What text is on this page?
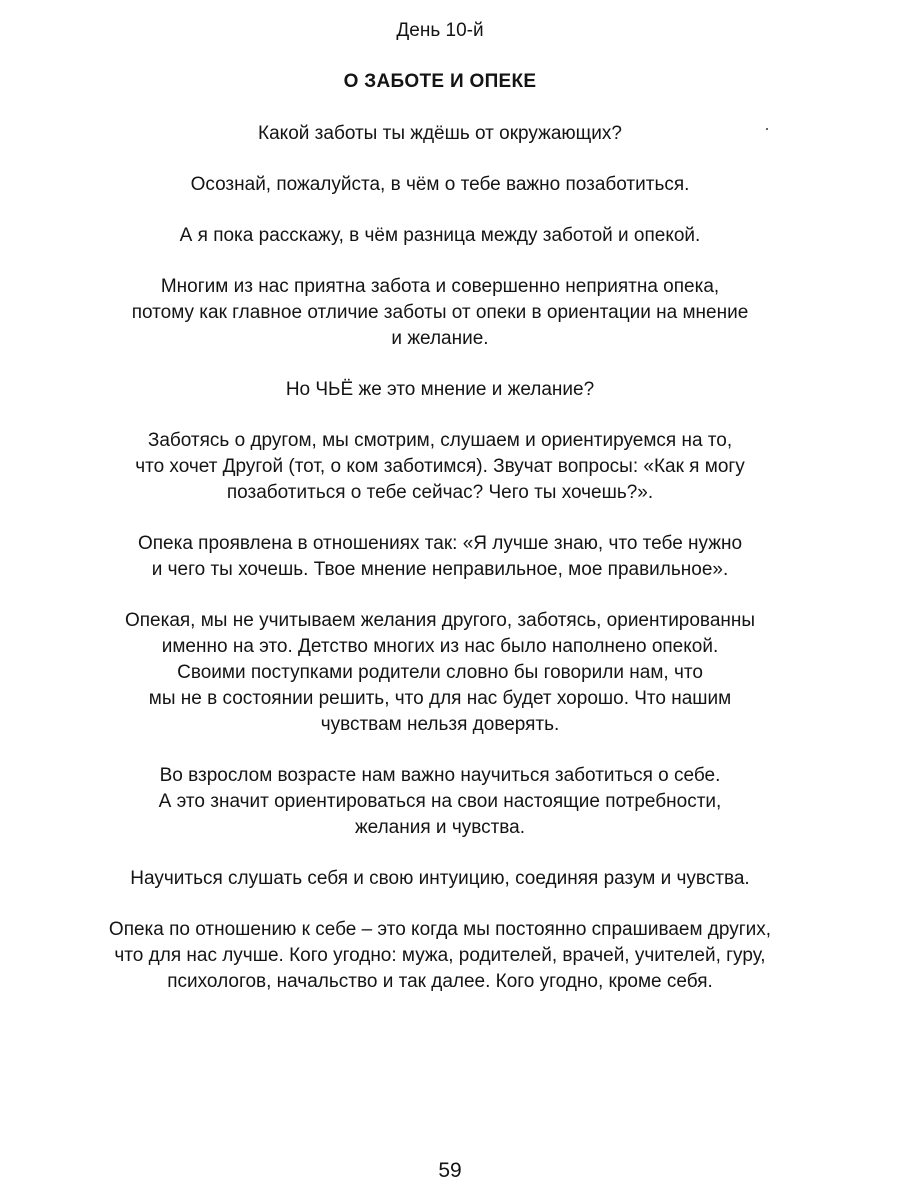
День 10-й
О ЗАБОТЕ И ОПЕКЕ

Какой заботы ты ждёшь от окружающих?

Осознай, пожалуйста, в чём о тебе важно позаботиться.

А я пока расскажу, в чём разница между заботой и опекой.

Многим из нас приятна забота и совершенно неприятна опека,
потому как главное отличие заботы от опеки в ориентации на мнение
и желание.

Но ЧЬЁ же это мнение и желание?

Заботясь о другом, мы смотрим, слушаем и ориентируемся на то,
что хочет Другой (тот, о ком заботимся). Звучат вопросы: «Как я могу
позаботиться о тебе сейчас? Чего ты хочешь?».

Опека проявлена в отношениях так: «Я лучше знаю, что тебе нужно
и чего ты хочешь. Твое мнение неправильное, мое правильное».

Опекая, мы не учитываем желания другого, заботясь, ориентированны
именно на это. Детство многих из нас было наполнено опекой.
Своими поступками родители словно бы говорили нам, что
мы не в состоянии решить, что для нас будет хорошо. Что нашим
чувствам нельзя доверять.

Во взрослом возрасте нам важно научиться заботиться о себе.
А это значит ориентироваться на свои настоящие потребности,
желания и чувства.

Научиться слушать себя и свою интуицию, соединяя разум и чувства.

Опека по отношению к себе – это когда мы постоянно спрашиваем других,
что для нас лучше. Кого угодно: мужа, родителей, врачей, учителей, гуру,
психологов, начальство и так далее. Кого угодно, кроме себя.

59
